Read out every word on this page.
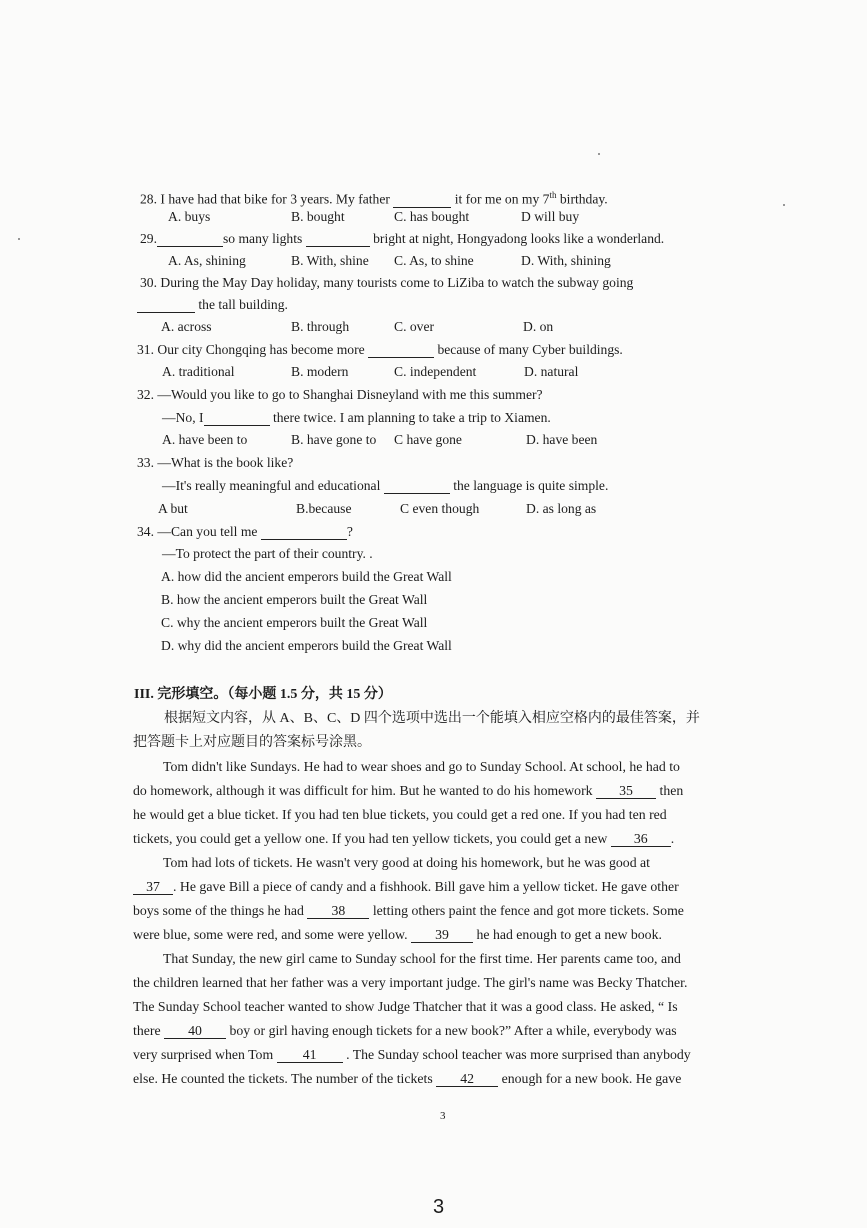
28. I have had that bike for 3 years. My father	it for me on my 7th birthday.
A. buys	B. bought	C. has bought	D will buy
29.	so many lights	bright at night, Hongyadong looks like a wonderland.
A. As, shining	B. With, shine C. As, to shine	D. With, shining
30. During the May Day holiday, many tourists come to LiZiba to watch the subway going
the tall building.
A. across	B. through	C. over	D. on
31. Our city Chongqing has become more	because of many Cyber buildings.
A. traditional	B. modern	C. independent	D. natural
32. —Would you like to go to Shanghai Disneyland with me this summer?
—No, I	there twice. I am planning to take a trip to Xiamen.
A. have been to	B. have gone to C have gone	D. have been
33. —What is the book like?
—It's really meaningful and educational	the language is quite simple.
A but	B.because	C even though	D. as long as
34. —Can you tell me	?
—To protect the part of their country. .
A. how did the ancient emperors build the Great Wall
B. how the ancient emperors built the Great Wall
C. why the ancient emperors built the Great Wall
D. why did the ancient emperors build the Great Wall
III. 完形填空。（每小题 1.5 分，共 15 分）
根据短文内容，从 A、B、C、D 四个选项中选出一个能填入相应空格内的最佳答案，并
把答题卡上对应题目的答案标号涂黑。
Tom didn't like Sundays. He had to wear shoes and go to Sunday School. At school, he had to
do homework, although it was difficult for him. But he wanted to do his homework 35 then
he would get a blue ticket. If you had ten blue tickets, you could get a red one. If you had ten red
tickets, you could get a yellow one. If you had ten yellow tickets, you could get a new 36 .
Tom had lots of tickets. He wasn't very good at doing his homework, but he was good at
37 . He gave Bill a piece of candy and a fishhook. Bill gave him a yellow ticket. He gave other
boys some of the things he had 38 letting others paint the fence and got more tickets. Some
were blue, some were red, and some were yellow. 39 he had enough to get a new book.
That Sunday, the new girl came to Sunday school for the first time. Her parents came too, and
the children learned that her father was a very important judge. The girl's name was Becky Thatcher.
The Sunday School teacher wanted to show Judge Thatcher that it was a good class. He asked, “ Is
there 40 boy or girl having enough tickets for a new book?” After a while, everybody was
very surprised when Tom 41 . The Sunday school teacher was more surprised than anybody
else. He counted the tickets. The number of the tickets 42 enough for a new book. He gave
3
3
